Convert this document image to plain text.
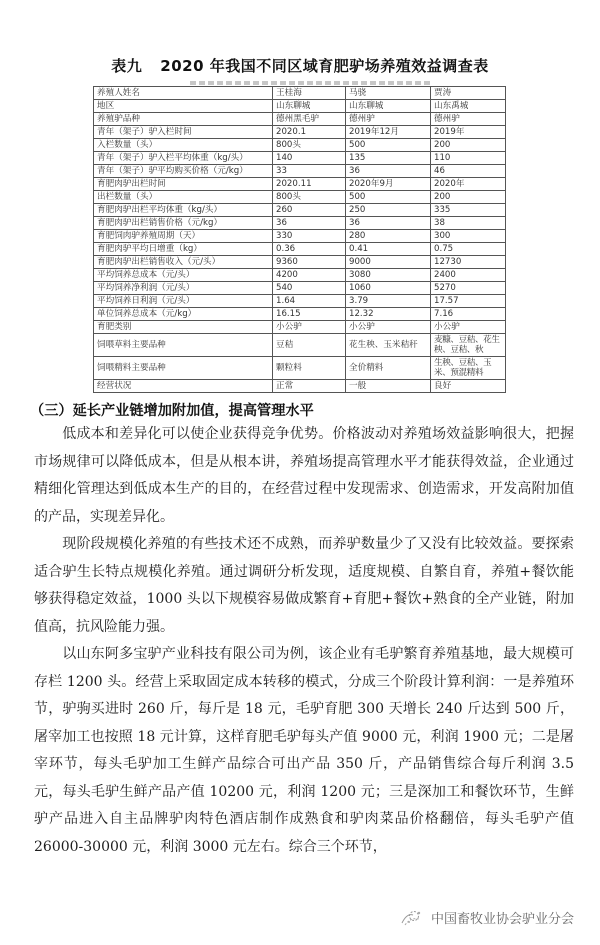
表九 2020 年我国不同区域育肥驴场养殖效益调查表
养殖人姓名	王桂海	马骁	贾涛
地区	山东聊城	山东聊城	山东禹城
养殖驴品种	德州黑毛驴	德州驴	德州驴
青年（架子）驴入栏时间	2020.1	2019年12月	2019年
入栏数量（头）	800头	500	200
青年（架子）驴入栏平均体重（kg/头）	140	135	110
青年（架子）驴平均购买价格（元/kg）	33	36	46
育肥肉驴出栏时间	2020.11	2020年9月	2020年
出栏数量（头）	800头	500	200
育肥肉驴出栏平均体重（kg/头）	260	250	335
育肥肉驴出栏销售价格（元/kg）	36	36	38
育肥饲肉驴养殖周期（天）	330	280	300
育肥肉驴平均日增重（kg）	0.36	0.41	0.75
育肥肉驴出栏销售收入（元/头）	9360	9000	12730
平均饲养总成本（元/头）	4200	3080	2400
平均饲养净利润（元/头）	540	1060	5270
平均饲养日利润（元/头）	1.64	3.79	17.57
单位饲养总成本（元/kg）	16.15	12.32	7.16
育肥类别	小公驴	小公驴	小公驴
饲喂草料主要品种	豆秸	花生秧、玉米秸秆	麦糠、豆秸、花生秧、豆秸、秋
饲喂精料主要品种	颗粒料	全价精料	生秧、豆秸、玉米、预混精料
经营状况	正常	一般	良好
（三）延长产业链增加附加值，提高管理水平
低成本和差异化可以使企业获得竞争优势。价格波动对养殖场效益影响很大，把握市场规律可以降低成本，但是从根本讲，养殖场提高管理水平才能获得效益，企业通过精细化管理达到低成本生产的目的，在经营过程中发现需求、创造需求，开发高附加值的产品，实现差异化。
现阶段规模化养殖的有些技术还不成熟，而养驴数量少了又没有比较效益。要探索适合驴生长特点规模化养殖。通过调研分析发现，适度规模、自繁自育，养殖+餐饮能够获得稳定效益，1000 头以下规模容易做成繁育+育肥+餐饮+熟食的全产业链，附加值高，抗风险能力强。
以山东阿多宝驴产业科技有限公司为例，该企业有毛驴繁育养殖基地，最大规模可存栏 1200 头。经营上采取固定成本转移的模式，分成三个阶段计算利润：一是养殖环节，驴驹买进时 260 斤，每斤是 18 元，毛驴育肥 300 天增长 240 斤达到 500 斤，屠宰加工也按照 18 元计算，这样育肥毛驴每头产值 9000 元，利润 1900 元；二是屠宰环节，每头毛驴加工生鲜产品综合可出产品 350 斤，产品销售综合每斤利润 3.5 元，每头毛驴生鲜产品产值 10200 元，利润 1200 元；三是深加工和餐饮环节，生鲜驴产品进入自主品牌驴肉特色酒店制作成熟食和驴肉菜品价格翻倍，每头毛驴产值 26000-30000 元，利润 3000 元左右。综合三个环节，
中国畜牧业协会驴业分会
